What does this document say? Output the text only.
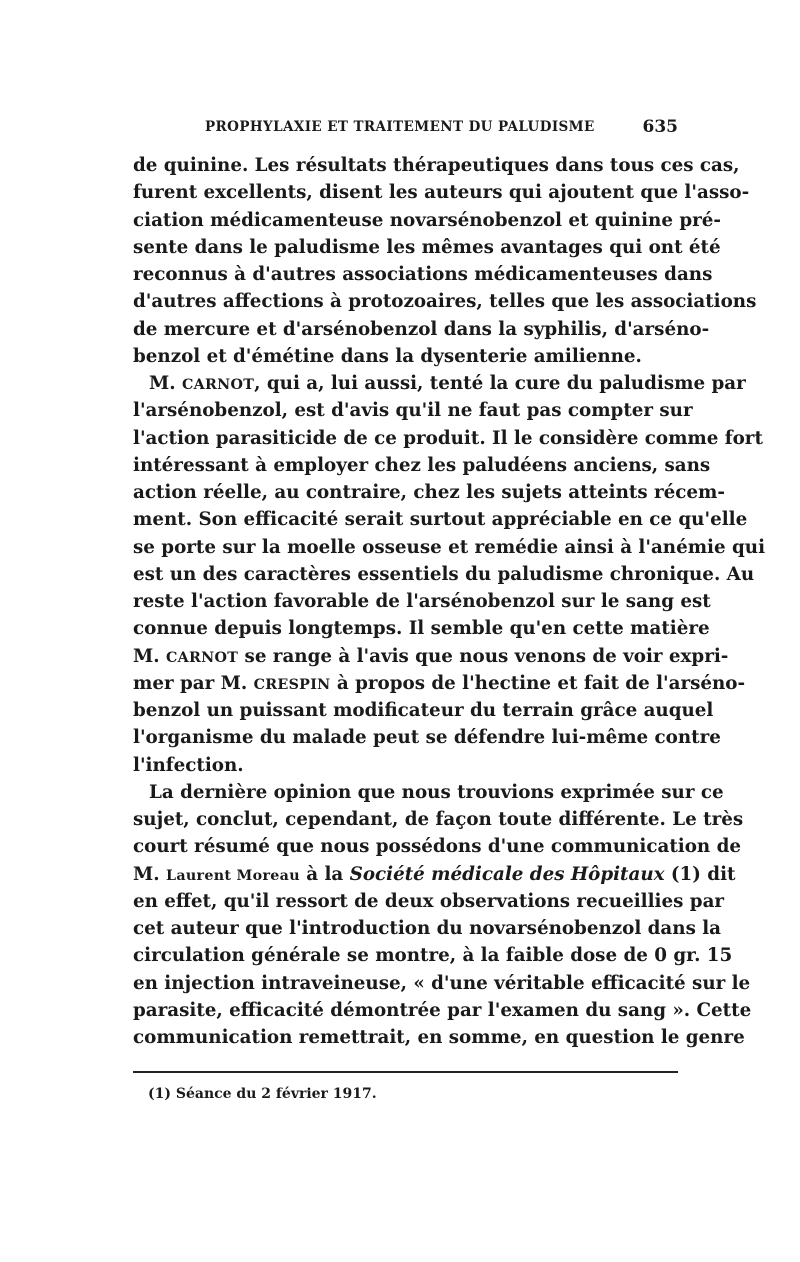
PROPHYLAXIE ET TRAITEMENT DU PALUDISME	635
de quinine. Les résultats thérapeutiques dans tous ces cas,
furent excellents, disent les auteurs qui ajoutent que l'asso-
ciation médicamenteuse novarsénobenzol et quinine pré-
sente dans le paludisme les mêmes avantages qui ont été
reconnus à d'autres associations médicamenteuses dans
d'autres affections à protozoaires, telles que les associations
de mercure et d'arsénobenzol dans la syphilis, d'arséno-
benzol et d'émétine dans la dysenterie amilienne.
M. CARNOT, qui a, lui aussi, tenté la cure du paludisme par
l'arsénobenzol, est d'avis qu'il ne faut pas compter sur
l'action parasiticide de ce produit. Il le considère comme fort
intéressant à employer chez les paludéens anciens, sans
action réelle, au contraire, chez les sujets atteints récem-
ment. Son efficacité serait surtout appréciable en ce qu'elle
se porte sur la moelle osseuse et remédie ainsi à l'anémie qui
est un des caractères essentiels du paludisme chronique. Au
reste l'action favorable de l'arsénobenzol sur le sang est
connue depuis longtemps. Il semble qu'en cette matière
M. CARNOT se range à l'avis que nous venons de voir expri-
mer par M. CRESPIN à propos de l'hectine et fait de l'arséno-
benzol un puissant modificateur du terrain grâce auquel
l'organisme du malade peut se défendre lui-même contre
l'infection.
La dernière opinion que nous trouvions exprimée sur ce
sujet, conclut, cependant, de façon toute différente. Le très
court résumé que nous possédons d'une communication de
M. Laurent Moreau à la Société médicale des Hôpitaux (1) dit
en effet, qu'il ressort de deux observations recueillies par
cet auteur que l'introduction du novarsénobenzol dans la
circulation générale se montre, à la faible dose de 0 gr. 15
en injection intraveineuse, « d'une véritable efficacité sur le
parasite, efficacité démontrée par l'examen du sang ». Cette
communication remettrait, en somme, en question le genre
(1) Séance du 2 février 1917.
